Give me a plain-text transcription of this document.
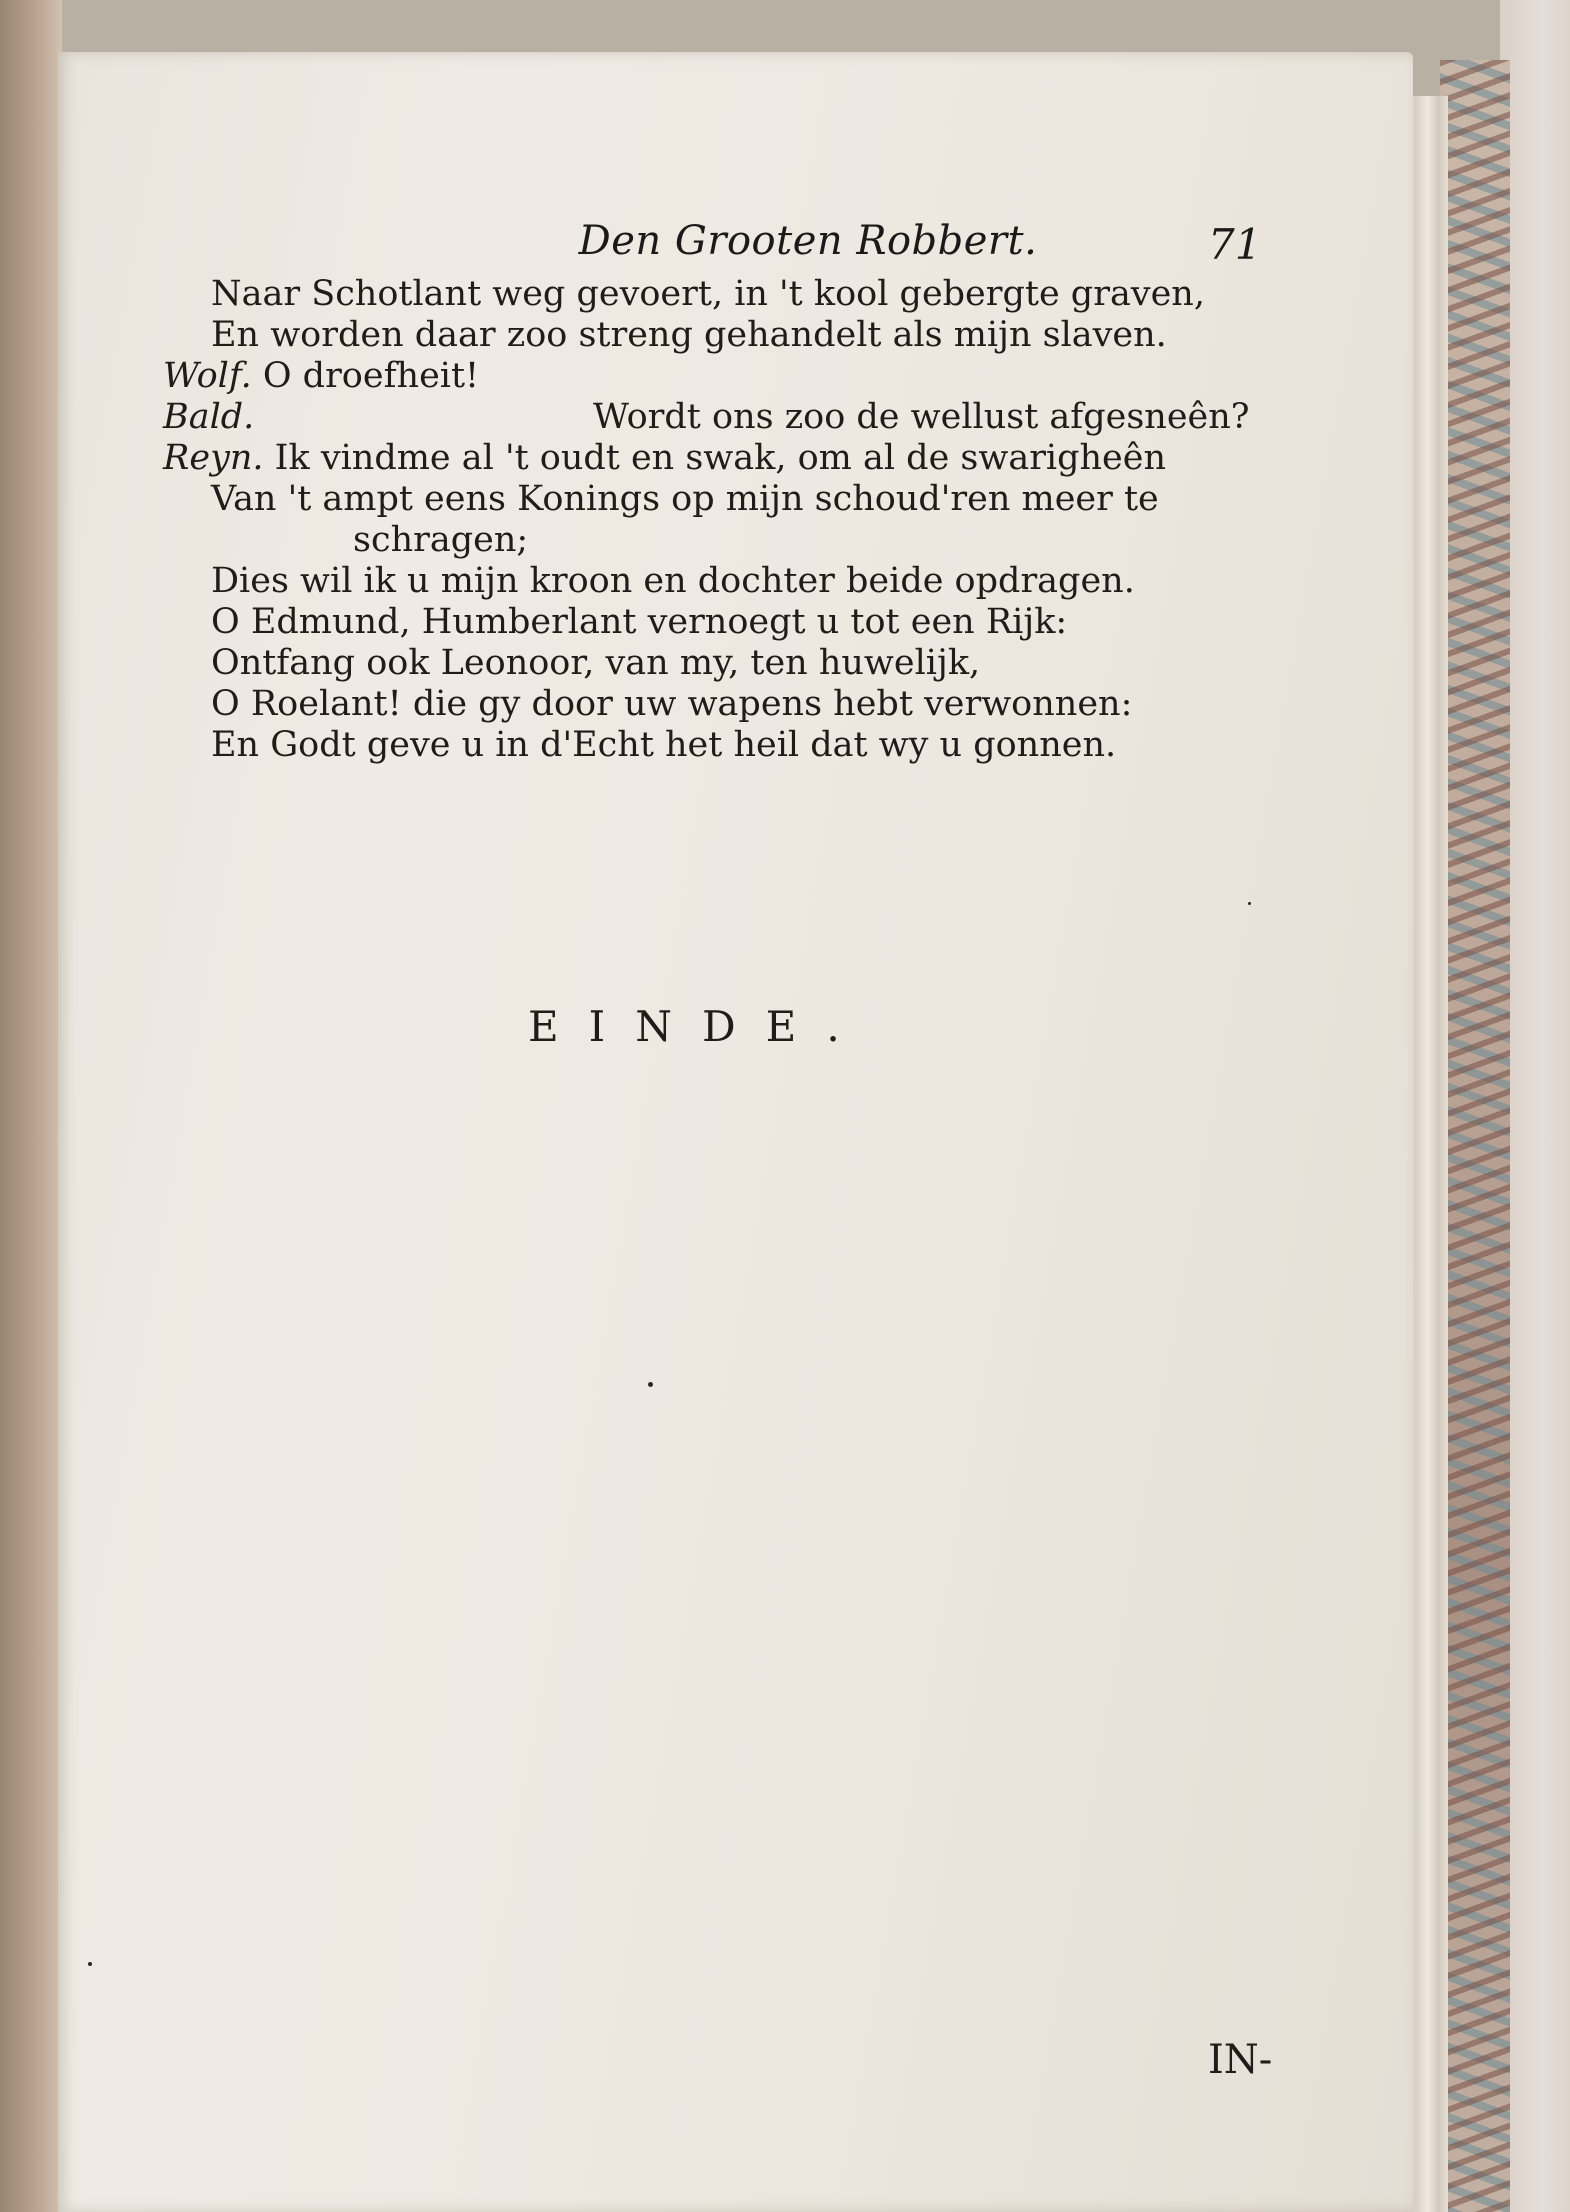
Den Grooten Robbert.	71
Naar Schotlant weg gevoert, in 't kool gebergte graven,
En worden daar zoo streng gehandelt als mijn slaven.
Wolf. O droefheit!
Bald.	Wordt ons zoo de wellust afgesneên?
Reyn. Ik vindme al 't oudt en swak, om al de swarigheên
Van 't ampt eens Konings op mijn schoud'ren meer te
schragen;
Dies wil ik u mijn kroon en dochter beide opdragen.
O Edmund, Humberlant vernoegt u tot een Rijk:
Ontfang ook Leonoor, van my, ten huwelijk,
O Roelant! die gy door uw wapens hebt verwonnen:
En Godt geve u in d'Echt het heil dat wy u gonnen.
EINDE.
IN-
